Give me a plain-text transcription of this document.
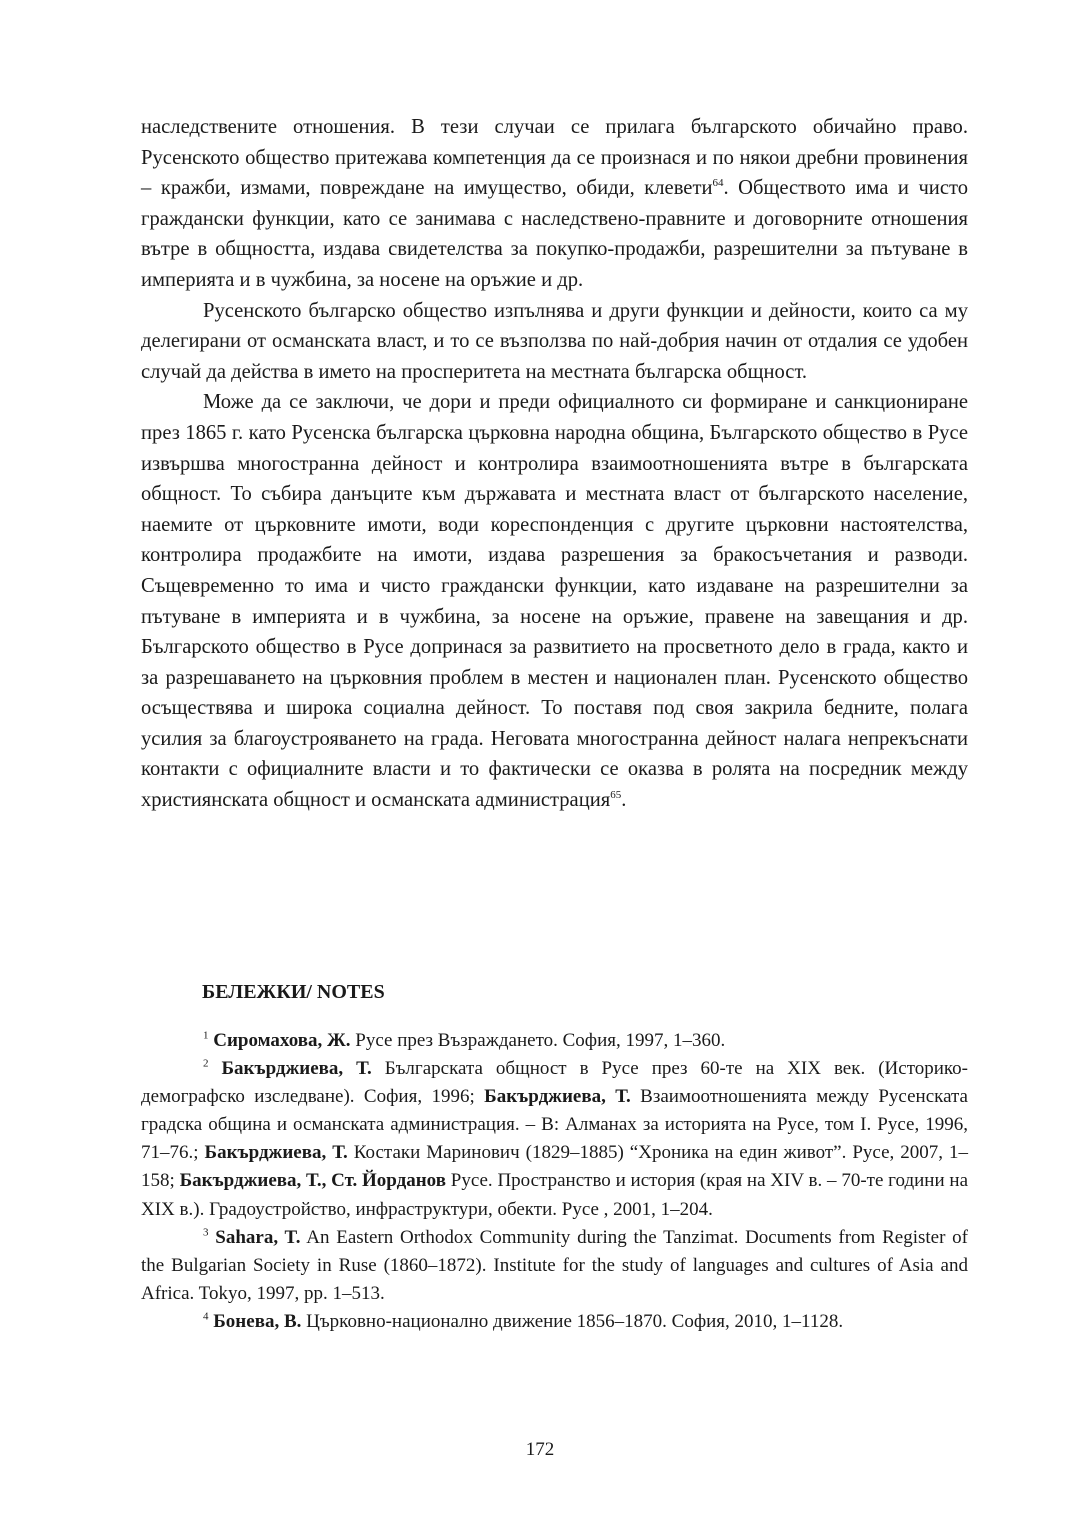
наследствените отношения. В тези случаи се прилага българското обичайно право. Русенското общество притежава компетенция да се произнася и по някои дребни провинения – кражби, измами, повреждане на имущество, обиди, клевети$^{64}$. Обществото има и чисто граждански функции, като се занимава с наследствено-правните и договорните отношения вътре в общността, издава свидетелства за покупко-продажби, разрешителни за пътуване в империята и в чужбина, за носене на оръжие и др.

Русенското българско общество изпълнява и други функции и дейности, които са му делегирани от османската власт, и то се възползва по най-добрия начин от отдалия се удобен случай да действа в името на просперитета на местната българска общност.

Може да се заключи, че дори и преди официалното си формиране и санкциониране през 1865 г. като Русенска българска църковна народна община, Българското общество в Русе извършва многостранна дейност и контролира взаимоотношенията вътре в българската общност. То събира данъците към държавата и местната власт от българското население, наемите от църковните имоти, води кореспонденция с другите църковни настоятелства, контролира продажбите на имоти, издава разрешения за бракосъчетания и разводи. Същевременно то има и чисто граждански функции, като издаване на разрешителни за пътуване в империята и в чужбина, за носене на оръжие, правене на завещания и др. Българското общество в Русе допринася за развитието на просветното дело в града, както и за разрешаването на църковния проблем в местен и национален план. Русенското общество осъществява и широка социална дейност. То поставя под своя закрила бедните, полага усилия за благоустрояването на града. Неговата многостранна дейност налага непрекъснати контакти с официалните власти и то фактически се оказва в ролята на посредник между християнската общност и османската администрация$^{65}$.

БЕЛЕЖКИ/ NOTES

$^1$ Сиромахова, Ж. Русе през Възраждането. София, 1997, 1–360.

$^2$ Бакърджиева, Т. Българската общност в Русе през 60-те на XIX век. (Историко-демографско изследване). София, 1996; Бакърджиева, Т. Взаимоотношенията между Русенската градска община и османската администрация. – В: Алманах за историята на Русе, том I. Русе, 1996, 71–76.; Бакърджиева, Т. Костаки Маринович (1829–1885) “Хроника на един живот”. Русе, 2007, 1–158; Бакърджиева, Т., Ст. Йорданов Русе. Пространство и история (края на XIV в. – 70-те години на XIX в.). Градоустройство, инфраструктури, обекти. Русе , 2001, 1–204.

$^3$ Sahara, T. An Eastern Orthodox Community during the Tanzimat. Documents from Register of the Bulgarian Society in Ruse (1860–1872). Institute for the study of languages and cultures of Asia and Africa. Tokyo, 1997, pp. 1–513.

$^4$ Бонева, В. Църковно-национално движение 1856–1870. София, 2010, 1–1128.

172
